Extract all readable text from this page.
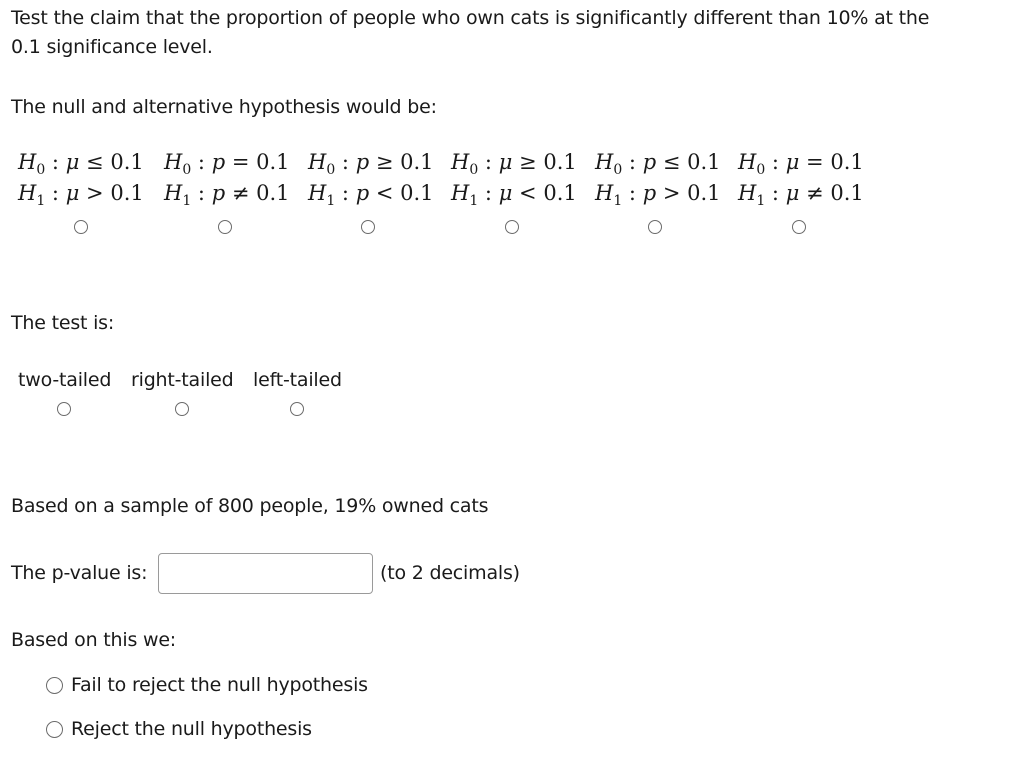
Test the claim that the proportion of people who own cats is significantly different than 10% at the
0.1 significance level.
The null and alternative hypothesis would be:
$H_0$ : μ ≤ 0.1 $H_0$ : p = 0.1 $H_0$ : p ≥ 0.1 $H_0$ : μ ≥ 0.1 $H_0$ : p ≤ 0.1 $H_0$ : μ = 0.1
$H_1$ : μ > 0.1 $H_1$ : p ≠ 0.1 $H_1$ : p < 0.1 $H_1$ : μ < 0.1 $H_1$ : p > 0.1 $H_1$ : μ ≠ 0.1
The test is:
two-tailed right-tailed left-tailed
Based on a sample of 800 people, 19% owned cats
The p-value is:	(to 2 decimals)
Based on this we:
Fail to reject the null hypothesis
Reject the null hypothesis
